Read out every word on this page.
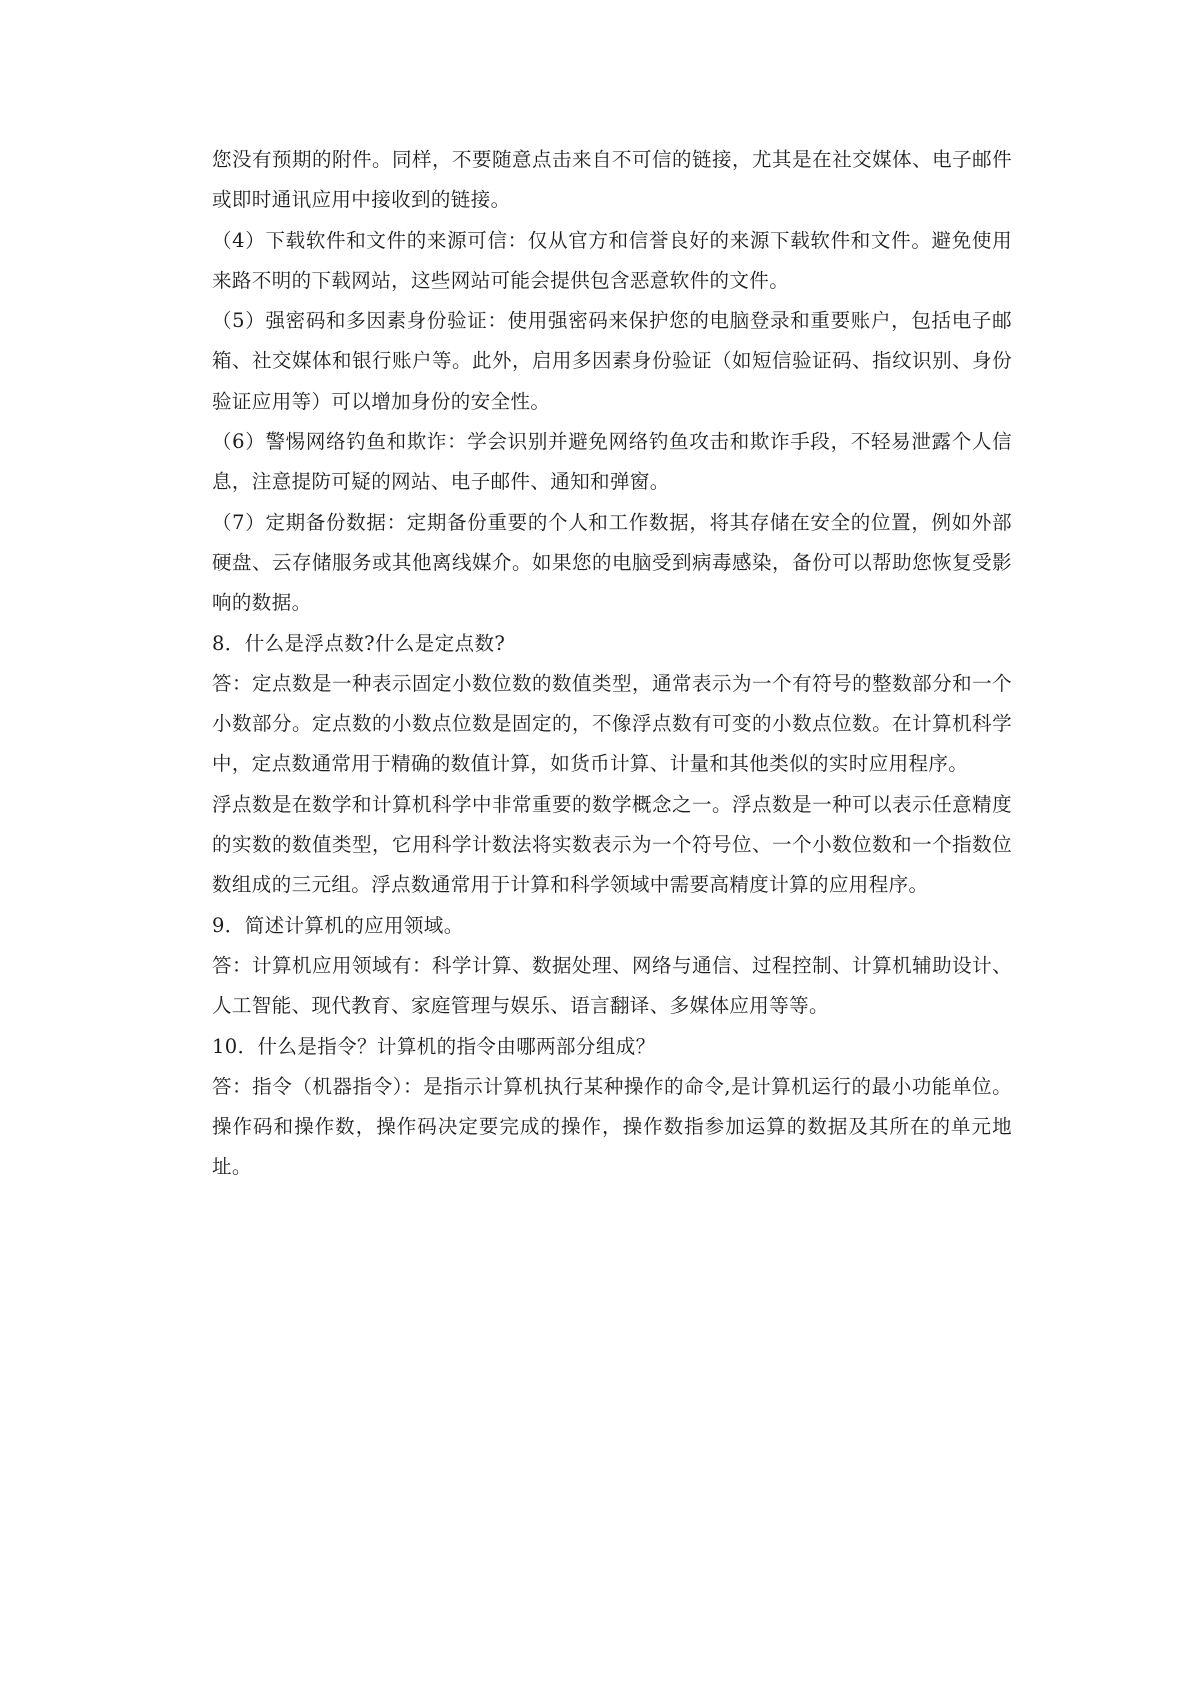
您没有预期的附件。同样，不要随意点击来自不可信的链接，尤其是在社交媒体、电子邮件或即时通讯应用中接收到的链接。

（4）下载软件和文件的来源可信：仅从官方和信誉良好的来源下载软件和文件。避免使用来路不明的下载网站，这些网站可能会提供包含恶意软件的文件。

（5）强密码和多因素身份验证：使用强密码来保护您的电脑登录和重要账户，包括电子邮箱、社交媒体和银行账户等。此外，启用多因素身份验证（如短信验证码、指纹识别、身份验证应用等）可以增加身份的安全性。

（6）警惕网络钓鱼和欺诈：学会识别并避免网络钓鱼攻击和欺诈手段，不轻易泄露个人信息，注意提防可疑的网站、电子邮件、通知和弹窗。

（7）定期备份数据：定期备份重要的个人和工作数据，将其存储在安全的位置，例如外部硬盘、云存储服务或其他离线媒介。如果您的电脑受到病毒感染，备份可以帮助您恢复受影响的数据。

8．什么是浮点数?什么是定点数?

答：定点数是一种表示固定小数位数的数值类型，通常表示为一个有符号的整数部分和一个小数部分。定点数的小数点位数是固定的，不像浮点数有可变的小数点位数。在计算机科学中，定点数通常用于精确的数值计算，如货币计算、计量和其他类似的实时应用程序。

浮点数是在数学和计算机科学中非常重要的数学概念之一。浮点数是一种可以表示任意精度的实数的数值类型，它用科学计数法将实数表示为一个符号位、一个小数位数和一个指数位数组成的三元组。浮点数通常用于计算和科学领域中需要高精度计算的应用程序。

9．简述计算机的应用领域。

答：计算机应用领域有：科学计算、数据处理、网络与通信、过程控制、计算机辅助设计、人工智能、现代教育、家庭管理与娱乐、语言翻译、多媒体应用等等。

10．什么是指令？计算机的指令由哪两部分组成？

答：指令（机器指令）：是指示计算机执行某种操作的命令,是计算机运行的最小功能单位。操作码和操作数，操作码决定要完成的操作，操作数指参加运算的数据及其所在的单元地址。
